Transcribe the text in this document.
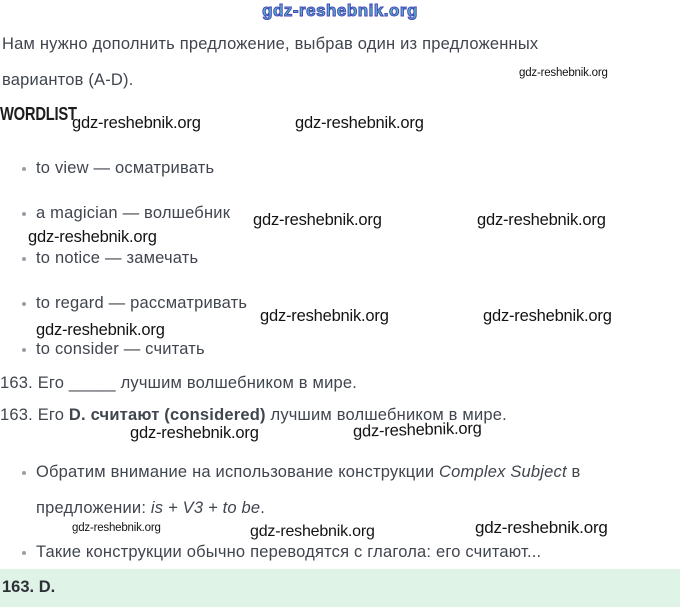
gdz-reshebnik.org
Нам нужно дополнить предложение, выбрав один из предложенных
вариантов (A-D).	gdz-reshebnik.org
WORDLIST
gdz-reshebnik.org	gdz-reshebnik.org
to view — осматривать
a magician — волшебник gdz-reshebnik.org	gdz-reshebnik.org
gdz-reshebnik.org
to notice — замечать
to regard — рассматривать
gdz-reshebnik.org	gdz-reshebnik.org
gdz-reshebnik.org
to consider — считать
163. Его _____ лучшим волшебником в мире.
163. Его D. считают (considered) лучшим волшебником в мире.
gdz-reshebnik.org	gdz-reshebnik.org
Обратим внимание на использование конструкции Complex Subject в
предложении: is + V3 + to be.
gdz-reshebnik.org	gdz-reshebnik.org	gdz-reshebnik.org
Такие конструкции обычно переводятся с глагола: его считают...
163. D.
